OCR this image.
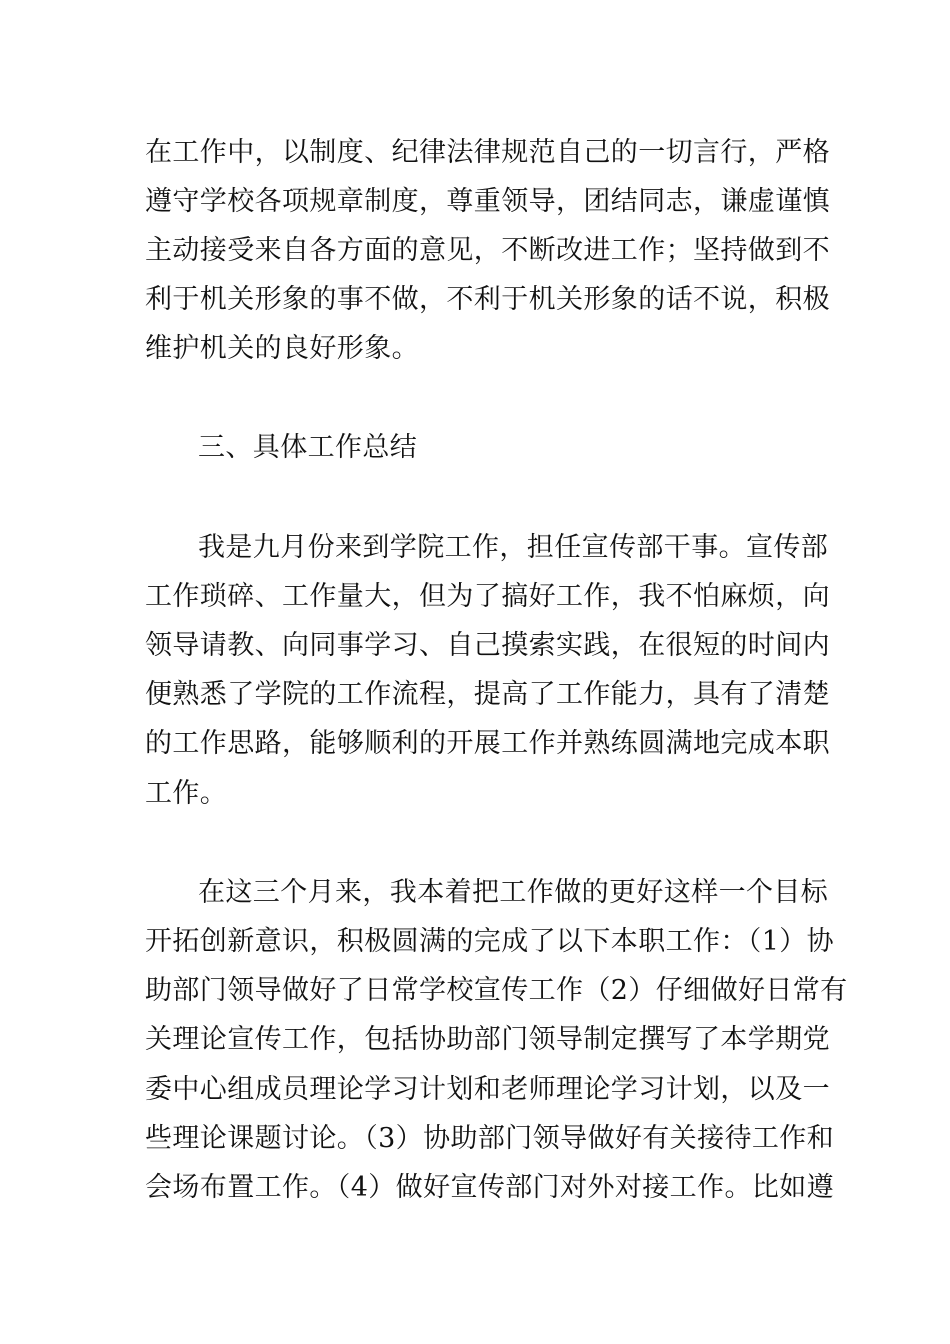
在工作中，以制度、纪律法律规范自己的一切言行，严格
遵守学校各项规章制度，尊重领导，团结同志，谦虚谨慎
主动接受来自各方面的意见，不断改进工作；坚持做到不
利于机关形象的事不做，不利于机关形象的话不说，积极
维护机关的良好形象。
三、具体工作总结
我是九月份来到学院工作，担任宣传部干事。宣传部
工作琐碎、工作量大，但为了搞好工作，我不怕麻烦，向
领导请教、向同事学习、自己摸索实践，在很短的时间内
便熟悉了学院的工作流程，提高了工作能力，具有了清楚
的工作思路，能够顺利的开展工作并熟练圆满地完成本职
工作。
在这三个月来，我本着把工作做的更好这样一个目标
开拓创新意识，积极圆满的完成了以下本职工作：（1）协
助部门领导做好了日常学校宣传工作（2）仔细做好日常有
关理论宣传工作，包括协助部门领导制定撰写了本学期党
委中心组成员理论学习计划和老师理论学习计划，以及一
些理论课题讨论。（3）协助部门领导做好有关接待工作和
会场布置工作。（4）做好宣传部门对外对接工作。比如遵
